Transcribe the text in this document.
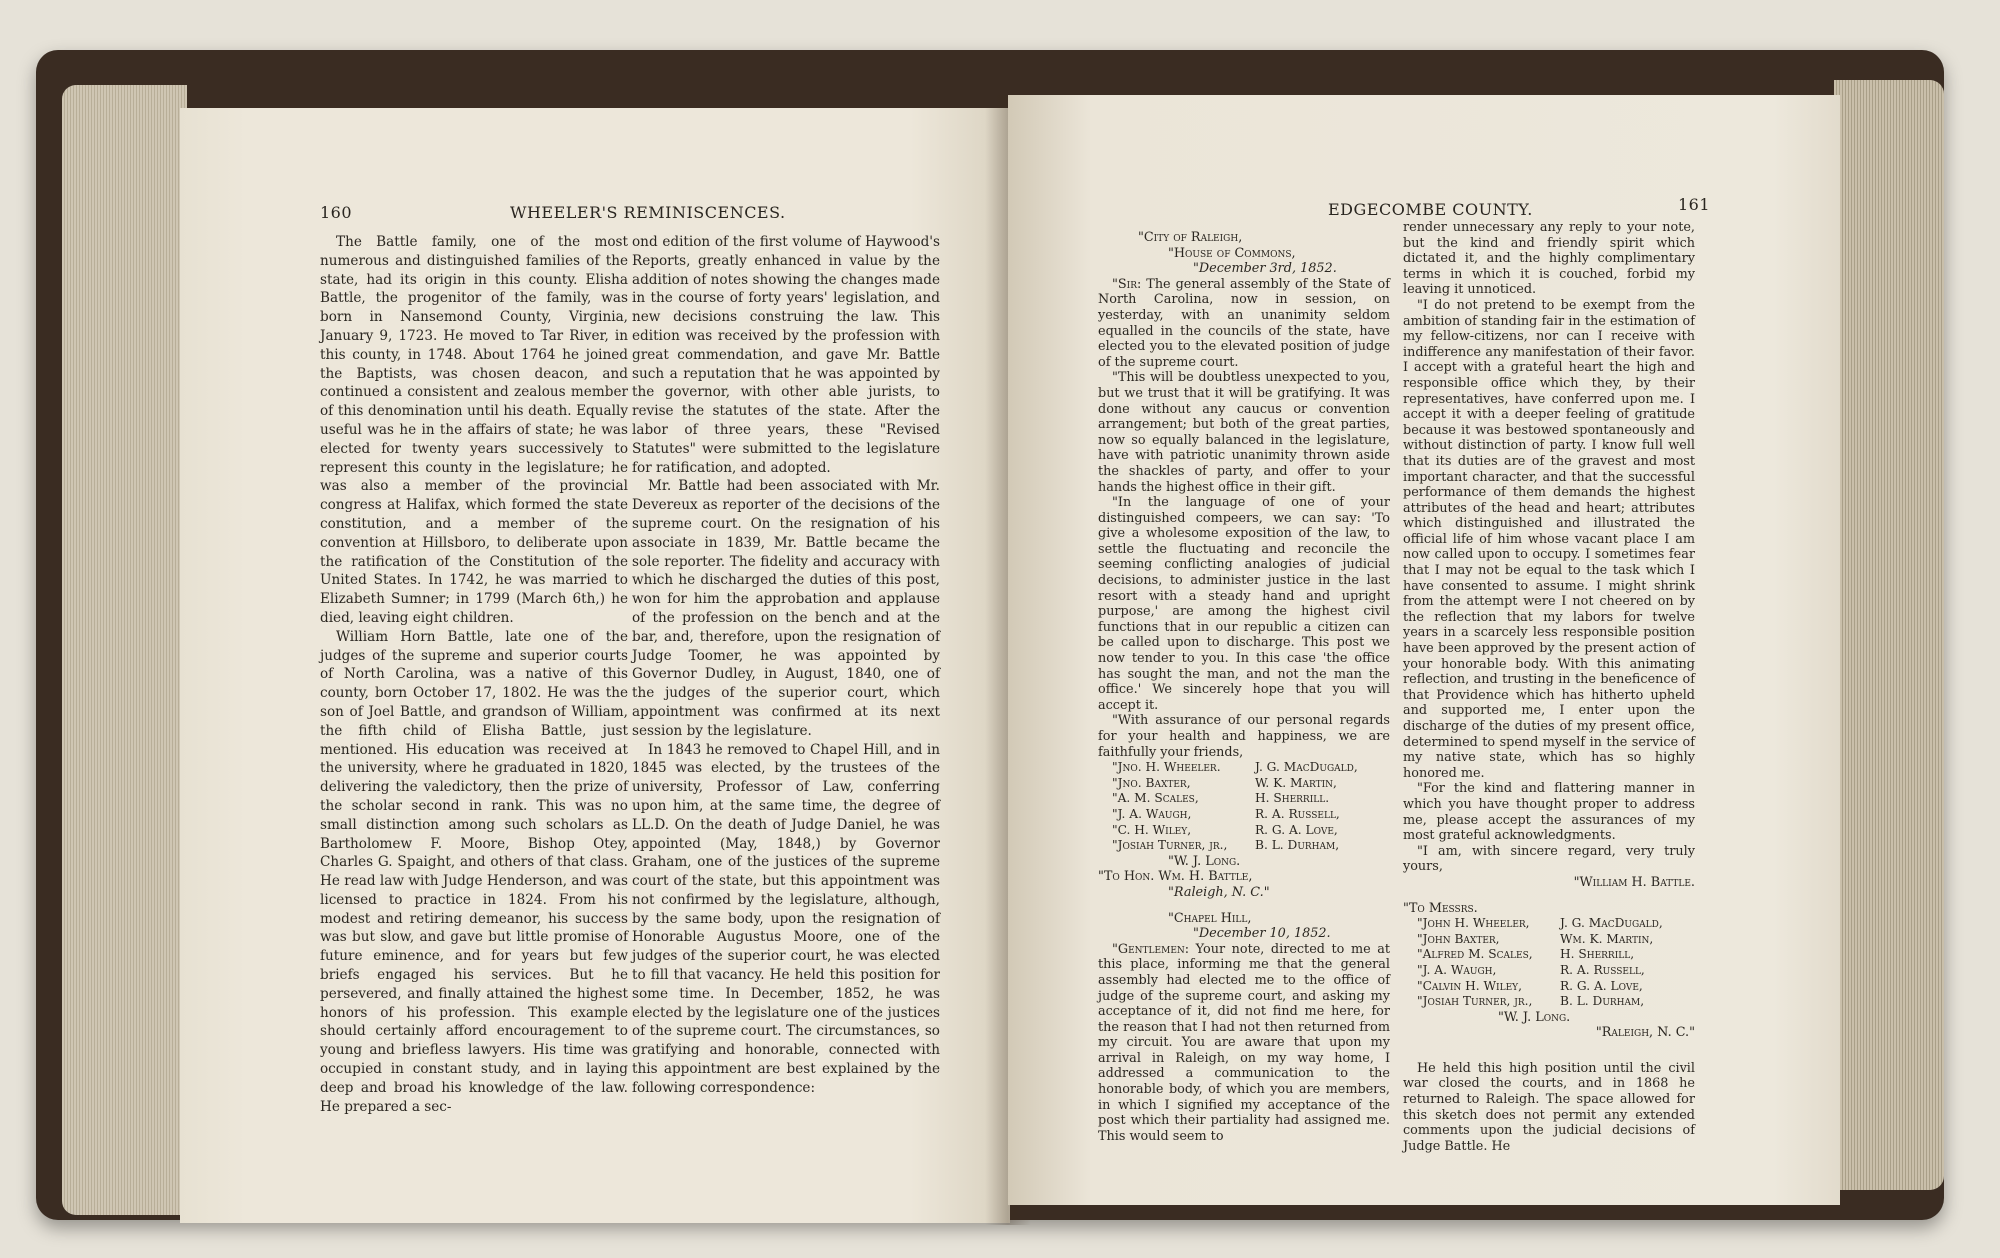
160	WHEELER'S REMINISCENCES.

The Battle family, one of the most numerous and distinguished families of the state, had its origin in this county. Elisha Battle, the progenitor of the family, was born in Nansemond County, Virginia, January 9, 1723. He moved to Tar River, in this county, in 1748. About 1764 he joined the Baptists, was chosen deacon, and continued a consistent and zealous member of this denomination until his death. Equally useful was he in the affairs of state; he was elected for twenty years successively to represent this county in the legislature; he was also a member of the provincial congress at Halifax, which formed the state constitution, and a member of the convention at Hillsboro, to deliberate upon the ratification of the Constitution of the United States. In 1742, he was married to Elizabeth Sumner; in 1799 (March 6th,) he died, leaving eight children.

William Horn Battle, late one of the judges of the supreme and superior courts of North Carolina, was a native of this county, born October 17, 1802. He was the son of Joel Battle, and grandson of William, the fifth child of Elisha Battle, just mentioned. His education was received at the university, where he graduated in 1820, delivering the valedictory, then the prize of the scholar second in rank. This was no small distinction among such scholars as Bartholomew F. Moore, Bishop Otey, Charles G. Spaight, and others of that class. He read law with Judge Henderson, and was licensed to practice in 1824. From his modest and retiring demeanor, his success was but slow, and gave but little promise of future eminence, and for years but few briefs engaged his services. But he persevered, and finally attained the highest honors of his profession. This example should certainly afford encouragement to young and briefless lawyers. His time was occupied in constant study, and in laying deep and broad his knowledge of the law. He prepared a sec-

ond edition of the first volume of Haywood's Reports, greatly enhanced in value by the addition of notes showing the changes made in the course of forty years' legislation, and new decisions construing the law. This edition was received by the profession with great commendation, and gave Mr. Battle such a reputation that he was appointed by the governor, with other able jurists, to revise the statutes of the state. After the labor of three years, these "Revised Statutes" were submitted to the legislature for ratification, and adopted.

Mr. Battle had been associated with Mr. Devereux as reporter of the decisions of the supreme court. On the resignation of his associate in 1839, Mr. Battle became the sole reporter. The fidelity and accuracy with which he discharged the duties of this post, won for him the approbation and applause of the profession on the bench and at the bar, and, therefore, upon the resignation of Judge Toomer, he was appointed by Governor Dudley, in August, 1840, one of the judges of the superior court, which appointment was confirmed at its next session by the legislature.

In 1843 he removed to Chapel Hill, and in 1845 was elected, by the trustees of the university, Professor of Law, conferring upon him, at the same time, the degree of LL.D. On the death of Judge Daniel, he was appointed (May, 1848,) by Governor Graham, one of the justices of the supreme court of the state, but this appointment was not confirmed by the legislature, although, by the same body, upon the resignation of Honorable Augustus Moore, one of the judges of the superior court, he was elected to fill that vacancy. He held this position for some time. In December, 1852, he was elected by the legislature one of the justices of the supreme court. The circumstances, so gratifying and honorable, connected with this appointment are best explained by the following correspondence:

EDGECOMBE COUNTY.	161

"City of Raleigh,

"House of Commons,

"December 3rd, 1852.

"Sir: The general assembly of the State of North Carolina, now in session, on yesterday, with an unanimity seldom equalled in the councils of the state, have elected you to the elevated position of judge of the supreme court.

"This will be doubtless unexpected to you, but we trust that it will be gratifying. It was done without any caucus or convention arrangement; but both of the great parties, now so equally balanced in the legislature, have with patriotic unanimity thrown aside the shackles of party, and offer to your hands the highest office in their gift.

"In the language of one of your distinguished compeers, we can say: 'To give a wholesome exposition of the law, to settle the fluctuating and reconcile the seeming conflicting analogies of judicial decisions, to administer justice in the last resort with a steady hand and upright purpose,' are among the highest civil functions that in our republic a citizen can be called upon to discharge. This post we now tender to you. In this case 'the office has sought the man, and not the man the office.' We sincerely hope that you will accept it.

"With assurance of our personal regards for your health and happiness, we are faithfully your friends,

"Jno. H. Wheeler.	J. G. MacDugald,
"Jno. Baxter,	W. K. Martin,
"A. M. Scales,	H. Sherrill.
"J. A. Waugh,	R. A. Russell,
"C. H. Wiley,	R. G. A. Love,
"Josiah Turner, jr.,	B. L. Durham,

"W. J. Long.

"To Hon. Wm. H. Battle,

"Raleigh, N. C."

"Chapel Hill,

"December 10, 1852.

"Gentlemen: Your note, directed to me at this place, informing me that the general assembly had elected me to the office of judge of the supreme court, and asking my acceptance of it, did not find me here, for the reason that I had not then returned from my circuit. You are aware that upon my arrival in Raleigh, on my way home, I addressed a communication to the honorable body, of which you are members, in which I signified my acceptance of the post which their partiality had assigned me. This would seem to

render unnecessary any reply to your note, but the kind and friendly spirit which dictated it, and the highly complimentary terms in which it is couched, forbid my leaving it unnoticed.

"I do not pretend to be exempt from the ambition of standing fair in the estimation of my fellow-citizens, nor can I receive with indifference any manifestation of their favor. I accept with a grateful heart the high and responsible office which they, by their representatives, have conferred upon me. I accept it with a deeper feeling of gratitude because it was bestowed spontaneously and without distinction of party. I know full well that its duties are of the gravest and most important character, and that the successful performance of them demands the highest attributes of the head and heart; attributes which distinguished and illustrated the official life of him whose vacant place I am now called upon to occupy. I sometimes fear that I may not be equal to the task which I have consented to assume. I might shrink from the attempt were I not cheered on by the reflection that my labors for twelve years in a scarcely less responsible position have been approved by the present action of your honorable body. With this animating reflection, and trusting in the beneficence of that Providence which has hitherto upheld and supported me, I enter upon the discharge of the duties of my present office, determined to spend myself in the service of my native state, which has so highly honored me.

"For the kind and flattering manner in which you have thought proper to address me, please accept the assurances of my most grateful acknowledgments.

"I am, with sincere regard, very truly yours,

"William H. Battle.

"To Messrs.

"John H. Wheeler,	J. G. MacDugald,
"John Baxter,	Wm. K. Martin,
"Alfred M. Scales,	H. Sherrill,
"J. A. Waugh,	R. A. Russell,
"Calvin H. Wiley,	R. G. A. Love,
"Josiah Turner, jr.,	B. L. Durham,

"W. J. Long.

"Raleigh, N. C."

He held this high position until the civil war closed the courts, and in 1868 he returned to Raleigh. The space allowed for this sketch does not permit any extended comments upon the judicial decisions of Judge Battle. He
